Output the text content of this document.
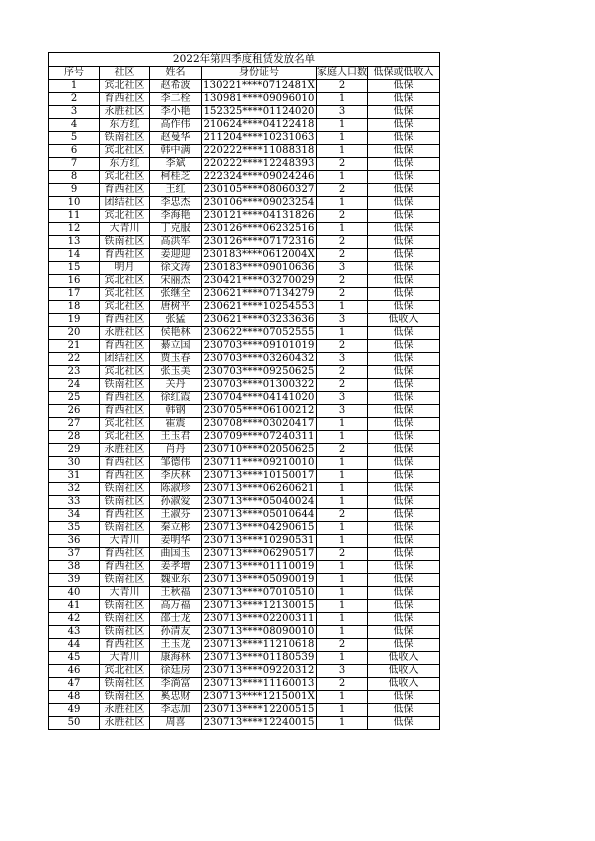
2022年第四季度租赁发放名单					
序号	社区	姓名	身份证号	家庭人口数	低保或低收入
1	宾北社区	赵希波	130221****0712481X	2	低保
2	育西社区	李二栓	130981****09096010	1	低保
3	永胜社区	李小艳	152325****01124020	3	低保
4	东方红	高作伟	210624****04122418	1	低保
5	铁南社区	赵曼华	211204****10231063	1	低保
6	宾北社区	韩中满	220222****11088318	1	低保
7	东方红	李斌	220222****12248393	2	低保
8	宾北社区	柯桂芝	222324****09024246	1	低保
9	育西社区	王红	230105****08060327	2	低保
10	团结社区	李忠杰	230106****09023254	1	低保
11	宾北社区	李海艳	230121****04131826	2	低保
12	大青川	丁克服	230126****06232516	1	低保
13	铁南社区	高洪军	230126****07172316	2	低保
14	育西社区	姜迎迎	230183****0612004X	2	低保
15	明月	徐文涛	230183****09010636	3	低保
16	宾北社区	宋丽杰	230421****03270029	2	低保
17	宾北社区	张继全	230621****07134279	2	低保
18	宾北社区	唐树平	230621****10254553	1	低保
19	育西社区	张猛	230621****03233636	3	低收入
20	永胜社区	侯艳林	230622****07052555	1	低保
21	育西社区	綦立国	230703****09101019	2	低保
22	团结社区	贾玉春	230703****03260432	3	低保
23	宾北社区	张玉美	230703****09250625	2	低保
24	铁南社区	关丹	230703****01300322	2	低保
25	育西社区	徐红霞	230704****04141020	3	低保
26	育西社区	韩钢	230705****06100212	3	低保
27	宾北社区	霍震	230708****03020417	1	低保
28	宾北社区	王玉君	230709****07240311	1	低保
29	永胜社区	肖丹	230710****02050625	2	低保
30	育西社区	邹德伟	230711****09210010	1	低保
31	育西社区	李庆林	230713****10150017	1	低保
32	铁南社区	陈淑珍	230713****06260621	1	低保
33	铁南社区	孙淑爱	230713****05040024	1	低保
34	育西社区	王淑芬	230713****05010644	2	低保
35	铁南社区	秦立彬	230713****04290615	1	低保
36	大青川	姜明华	230713****10290531	1	低保
37	育西社区	曲国玉	230713****06290517	2	低保
38	育西社区	姜孝增	230713****01110019	1	低保
39	铁南社区	魏亚东	230713****05090019	1	低保
40	大青川	王秋福	230713****07010510	1	低保
41	铁南社区	高万福	230713****12130015	1	低保
42	铁南社区	邵士龙	230713****02200311	1	低保
43	铁南社区	孙清友	230713****08090010	1	低保
44	育西社区	王玉龙	230713****11210618	2	低保
45	大青川	康海林	230713****01180539	1	低收入
46	宾北社区	徐廷房	230713****09220312	3	低收入
47	铁南社区	李淌富	230713****11160013	2	低收入
48	铁南社区	奚忠财	230713****1215001X	1	低保
49	永胜社区	李志加	230713****12200515	1	低保
50	永胜社区	周喜	230713****12240015	1	低保
